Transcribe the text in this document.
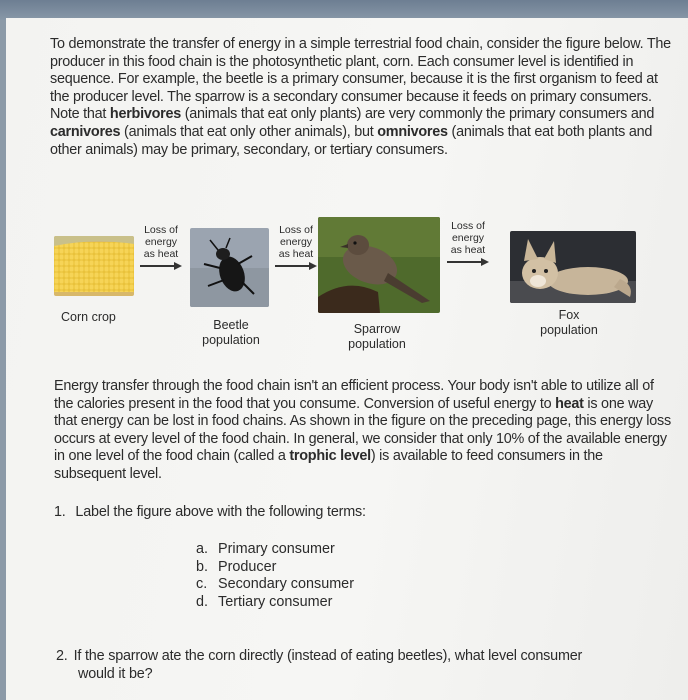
To demonstrate the transfer of energy in a simple terrestrial food chain, consider the figure below. The producer in this food chain is the photosynthetic plant, corn. Each consumer level is identified in sequence. For example, the beetle is a primary consumer, because it is the first organism to feed at the producer level. The sparrow is a secondary consumer because it feeds on primary consumers. Note that herbivores (animals that eat only plants) are very commonly the primary consumers and carnivores (animals that eat only other animals), but omnivores (animals that eat both plants and other animals) may be primary, secondary, or tertiary consumers.

Loss of
energy
as heat
Loss of
energy
as heat
Loss of
energy
as heat
Corn crop
Beetle
population
Sparrow
population
Fox
population

Energy transfer through the food chain isn't an efficient process. Your body isn't able to utilize all of the calories present in the food that you consume. Conversion of useful energy to heat is one way that energy can be lost in food chains. As shown in the figure on the preceding page, this energy loss occurs at every level of the food chain. In general, we consider that only 10% of the available energy in one level of the food chain (called a trophic level) is available to feed consumers in the subsequent level.

1. Label the figure above with the following terms:
a. Primary consumer
b. Producer
c. Secondary consumer
d. Tertiary consumer
2. If the sparrow ate the corn directly (instead of eating beetles), what level consumer
would it be?
